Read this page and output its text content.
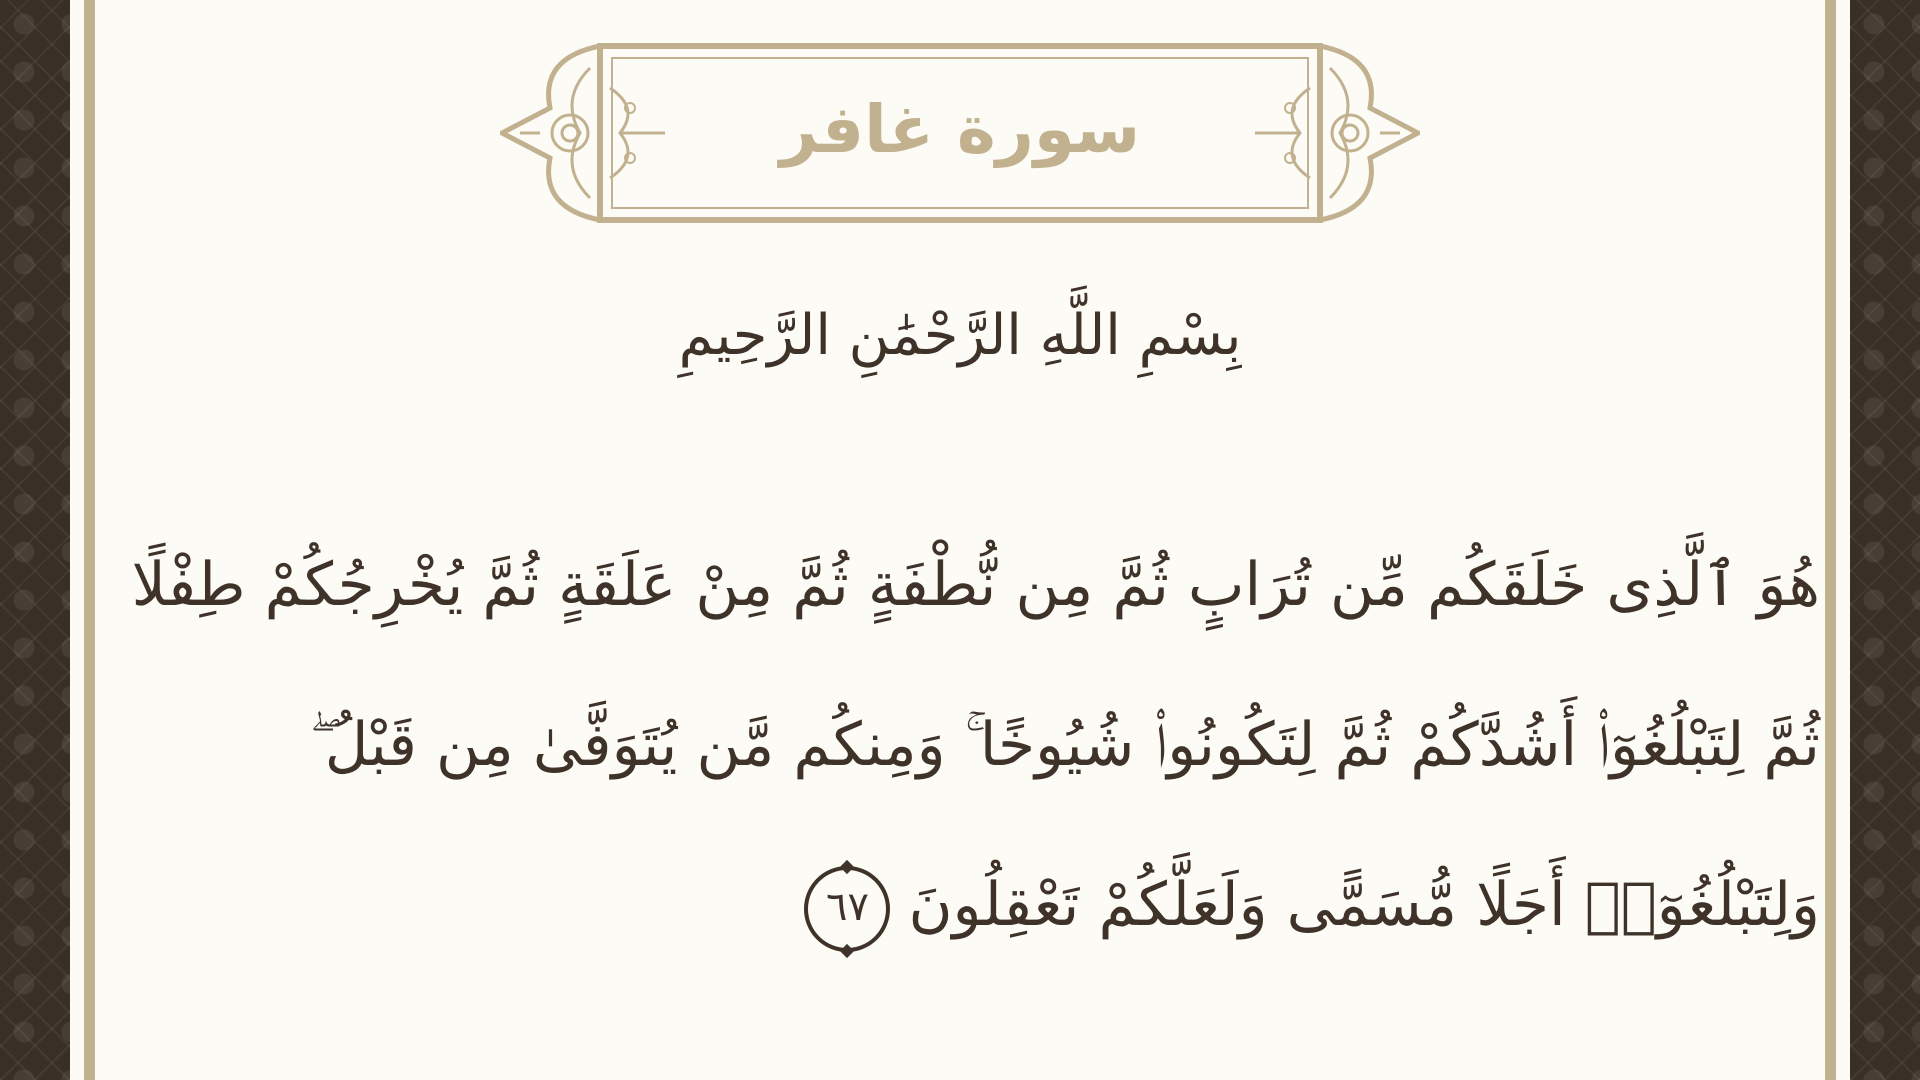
سورة غافر
بِسْمِ اللَّهِ الرَّحْمَٰنِ الرَّحِيمِ
هُوَ ٱلَّذِى خَلَقَكُم مِّن تُرَابٍ ثُمَّ مِن نُّطْفَةٍ ثُمَّ مِنْ عَلَقَةٍ ثُمَّ يُخْرِجُكُمْ طِفْلًا
ثُمَّ لِتَبْلُغُوٓا۟ أَشُدَّكُمْ ثُمَّ لِتَكُونُوا۟ شُيُوخًا ۚ وَمِنكُم مَّن يُتَوَفَّىٰ مِن قَبْلُ ۖ
وَلِتَبْلُغُوٓا۟ أَجَلًا مُّسَمًّى وَلَعَلَّكُمْ تَعْقِلُونَ٦٧
